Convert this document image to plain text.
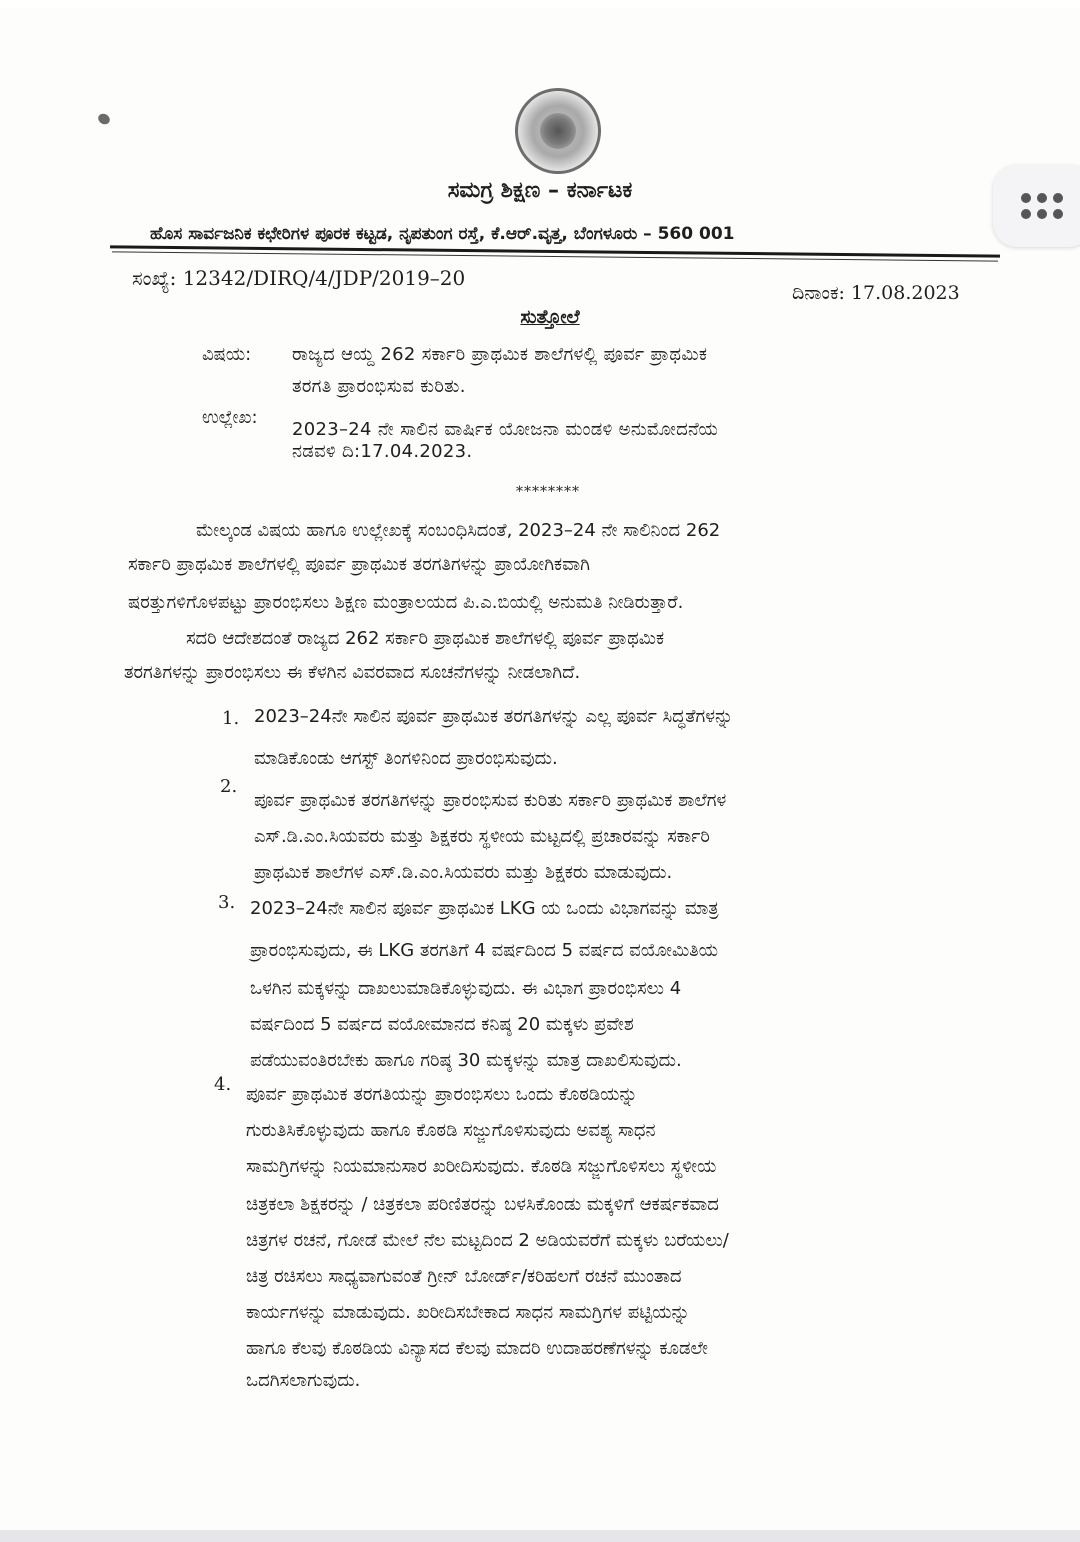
ಸಮಗ್ರ ಶಿಕ್ಷಣ – ಕರ್ನಾಟಕ
ಹೊಸ ಸಾರ್ವಜನಿಕ ಕಛೇರಿಗಳ ಪೂರಕ ಕಟ್ಟಡ, ನೃಪತುಂಗ ರಸ್ತೆ, ಕೆ.ಆರ್.ವೃತ್ತ, ಬೆಂಗಳೂರು – 560 001
ಸಂಖ್ಯೆ: 12342/DIRQ/4/JDP/2019–20
ದಿನಾಂಕ: 17.08.2023
ಸುತ್ತೋಲೆ
ವಿಷಯ: ರಾಜ್ಯದ ಆಯ್ದ 262 ಸರ್ಕಾರಿ ಪ್ರಾಥಮಿಕ ಶಾಲೆಗಳಲ್ಲಿ ಪೂರ್ವ ಪ್ರಾಥಮಿಕ
ತರಗತಿ ಪ್ರಾರಂಭಿಸುವ ಕುರಿತು.
ಉಲ್ಲೇಖ:
2023–24 ನೇ ಸಾಲಿನ ವಾರ್ಷಿಕ ಯೋಜನಾ ಮಂಡಳಿ ಅನುಮೋದನೆಯ
ನಡವಳಿ ದಿ:17.04.2023.
********
ಮೇಲ್ಕಂಡ ವಿಷಯ ಹಾಗೂ ಉಲ್ಲೇಖಕ್ಕೆ ಸಂಬಂಧಿಸಿದಂತೆ, 2023–24 ನೇ ಸಾಲಿನಿಂದ 262
ಸರ್ಕಾರಿ ಪ್ರಾಥಮಿಕ ಶಾಲೆಗಳಲ್ಲಿ ಪೂರ್ವ ಪ್ರಾಥಮಿಕ ತರಗತಿಗಳನ್ನು ಪ್ರಾಯೋಗಿಕವಾಗಿ
ಷರತ್ತುಗಳಿಗೊಳಪಟ್ಟು ಪ್ರಾರಂಭಿಸಲು ಶಿಕ್ಷಣ ಮಂತ್ರಾಲಯದ ಪಿ.ಎ.ಬಿಯಲ್ಲಿ ಅನುಮತಿ ನೀಡಿರುತ್ತಾರೆ.
ಸದರಿ ಆದೇಶದಂತೆ ರಾಜ್ಯದ 262 ಸರ್ಕಾರಿ ಪ್ರಾಥಮಿಕ ಶಾಲೆಗಳಲ್ಲಿ ಪೂರ್ವ ಪ್ರಾಥಮಿಕ
ತರಗತಿಗಳನ್ನು ಪ್ರಾರಂಭಿಸಲು ಈ ಕೆಳಗಿನ ವಿವರವಾದ ಸೂಚನೆಗಳನ್ನು ನೀಡಲಾಗಿದೆ.
1. 2023–24ನೇ ಸಾಲಿನ ಪೂರ್ವ ಪ್ರಾಥಮಿಕ ತರಗತಿಗಳನ್ನು ಎಲ್ಲ ಪೂರ್ವ ಸಿದ್ಧತೆಗಳನ್ನು
ಮಾಡಿಕೊಂಡು ಆಗಸ್ಟ್ ತಿಂಗಳಿನಿಂದ ಪ್ರಾರಂಭಿಸುವುದು.
2.
ಪೂರ್ವ ಪ್ರಾಥಮಿಕ ತರಗತಿಗಳನ್ನು ಪ್ರಾರಂಭಿಸುವ ಕುರಿತು ಸರ್ಕಾರಿ ಪ್ರಾಥಮಿಕ ಶಾಲೆಗಳ
ಎಸ್.ಡಿ.ಎಂ.ಸಿಯವರು ಮತ್ತು ಶಿಕ್ಷಕರು ಸ್ಥಳೀಯ ಮಟ್ಟದಲ್ಲಿ ಪ್ರಚಾರವನ್ನು ಸರ್ಕಾರಿ
ಪ್ರಾಥಮಿಕ ಶಾಲೆಗಳ ಎಸ್.ಡಿ.ಎಂ.ಸಿಯವರು ಮತ್ತು ಶಿಕ್ಷಕರು ಮಾಡುವುದು.
3. 2023–24ನೇ ಸಾಲಿನ ಪೂರ್ವ ಪ್ರಾಥಮಿಕ LKG ಯ ಒಂದು ವಿಭಾಗವನ್ನು ಮಾತ್ರ
ಪ್ರಾರಂಭಿಸುವುದು, ಈ LKG ತರಗತಿಗೆ 4 ವರ್ಷದಿಂದ 5 ವರ್ಷದ ವಯೋಮಿತಿಯ
ಒಳಗಿನ ಮಕ್ಕಳನ್ನು ದಾಖಲುಮಾಡಿಕೊಳ್ಳುವುದು. ಈ ವಿಭಾಗ ಪ್ರಾರಂಭಿಸಲು 4
ವರ್ಷದಿಂದ 5 ವರ್ಷದ ವಯೋಮಾನದ ಕನಿಷ್ಠ 20 ಮಕ್ಕಳು ಪ್ರವೇಶ
ಪಡೆಯುವಂತಿರಬೇಕು ಹಾಗೂ ಗರಿಷ್ಠ 30 ಮಕ್ಕಳನ್ನು ಮಾತ್ರ ದಾಖಲಿಸುವುದು.
4. ಪೂರ್ವ ಪ್ರಾಥಮಿಕ ತರಗತಿಯನ್ನು ಪ್ರಾರಂಭಿಸಲು ಒಂದು ಕೊಠಡಿಯನ್ನು
ಗುರುತಿಸಿಕೊಳ್ಳುವುದು ಹಾಗೂ ಕೊಠಡಿ ಸಜ್ಜುಗೊಳಿಸುವುದು ಅವಶ್ಯ ಸಾಧನ
ಸಾಮಗ್ರಿಗಳನ್ನು ನಿಯಮಾನುಸಾರ ಖರೀದಿಸುವುದು. ಕೊಠಡಿ ಸಜ್ಜುಗೊಳಿಸಲು ಸ್ಥಳೀಯ
ಚಿತ್ರಕಲಾ ಶಿಕ್ಷಕರನ್ನು / ಚಿತ್ರಕಲಾ ಪರಿಣಿತರನ್ನು ಬಳಸಿಕೊಂಡು ಮಕ್ಕಳಿಗೆ ಆಕರ್ಷಕವಾದ
ಚಿತ್ರಗಳ ರಚನೆ, ಗೋಡೆ ಮೇಲೆ ನೆಲ ಮಟ್ಟದಿಂದ 2 ಅಡಿಯವರೆಗೆ ಮಕ್ಕಳು ಬರೆಯಲು/
ಚಿತ್ರ ರಚಿಸಲು ಸಾಧ್ಯವಾಗುವಂತೆ ಗ್ರೀನ್ ಬೋರ್ಡ್/ಕರಿಹಲಗೆ ರಚನೆ ಮುಂತಾದ
ಕಾರ್ಯಗಳನ್ನು ಮಾಡುವುದು. ಖರೀದಿಸಬೇಕಾದ ಸಾಧನ ಸಾಮಗ್ರಿಗಳ ಪಟ್ಟಿಯನ್ನು
ಹಾಗೂ ಕೆಲವು ಕೊಠಡಿಯ ವಿನ್ಯಾಸದ ಕೆಲವು ಮಾದರಿ ಉದಾಹರಣೆಗಳನ್ನು ಕೂಡಲೇ
ಒದಗಿಸಲಾಗುವುದು.
